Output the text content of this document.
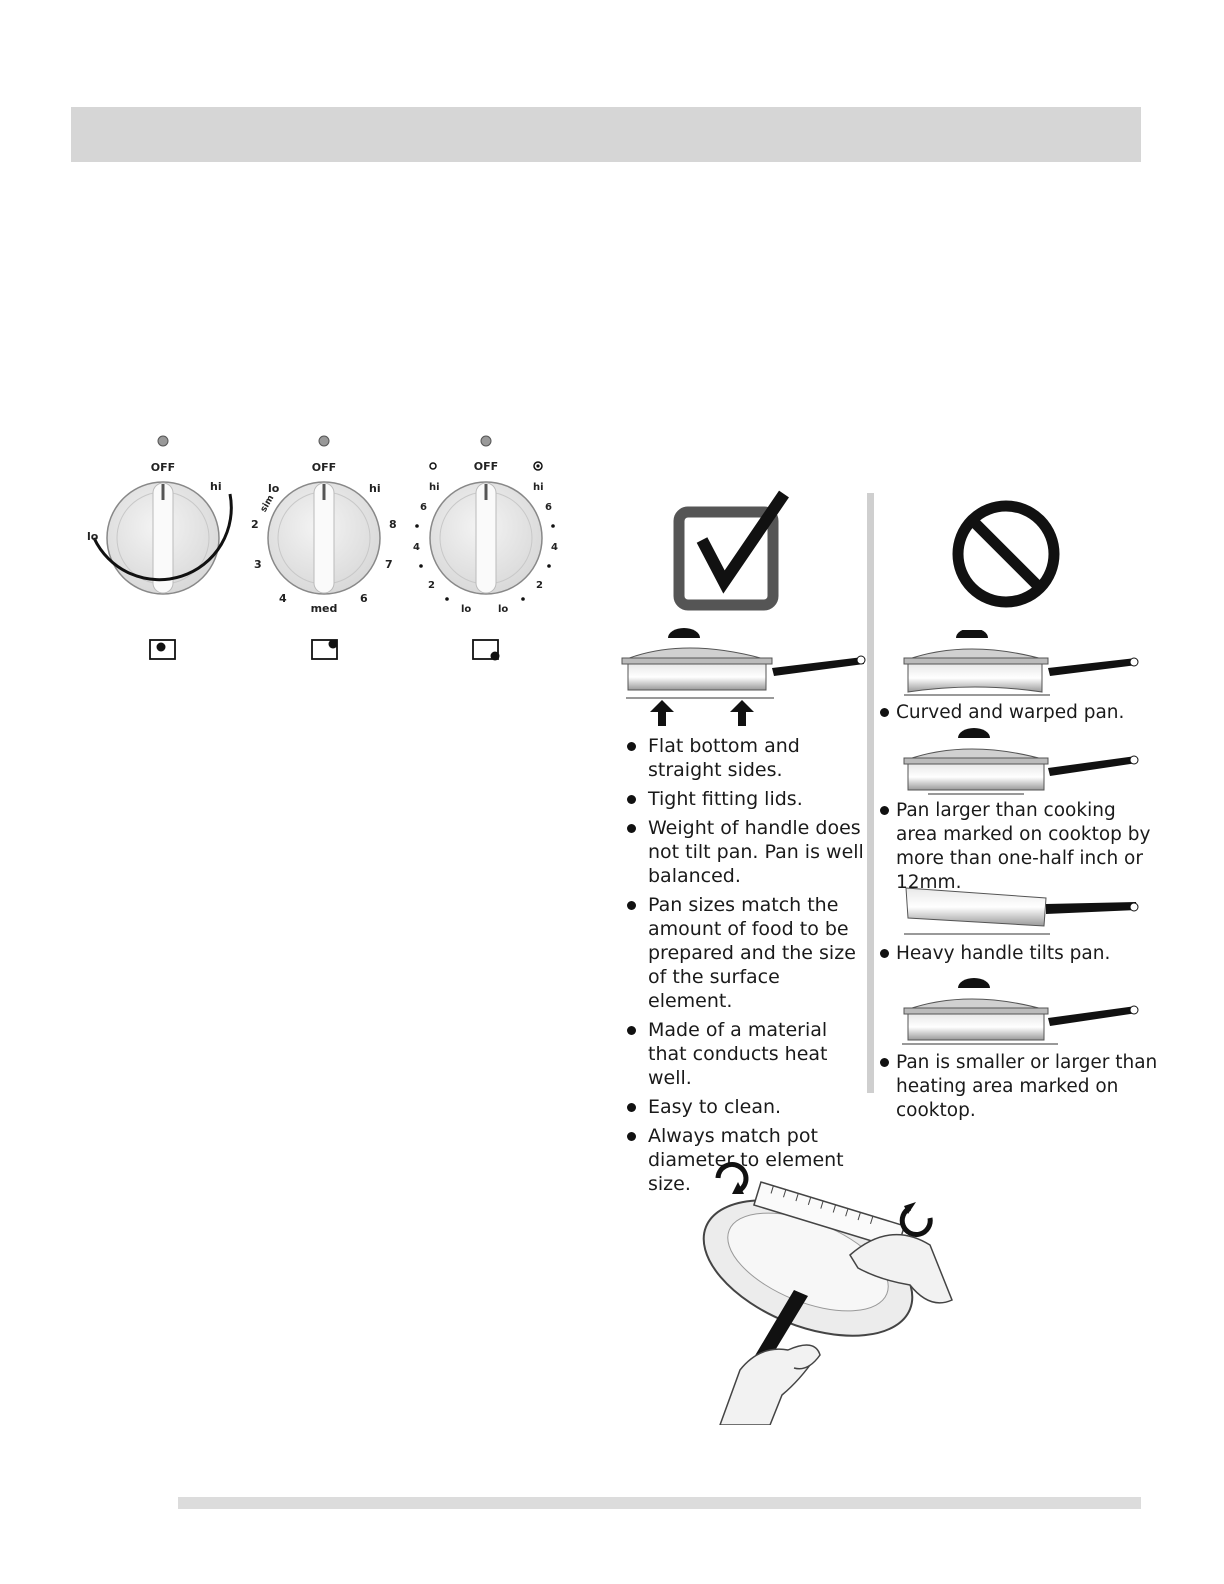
OFF
hi
lo
OFF
lo
sim
2
3
4
med
6
7
8
hi
OFF
hi
6
4
2
lo	lo
2
4
6
hi
Flat bottom and straight sides.
Tight fitting lids.
Weight of handle does not tilt pan. Pan is well balanced.
Pan sizes match the amount of food to be prepared and the size of the surface element.
Made of a material that conducts heat well.
Easy to clean.
Always match pot diameter to element size.
Curved and warped pan.
Pan larger than cooking area marked on cooktop by more than one-half inch or 12mm.
Heavy handle tilts pan.
Pan is smaller or larger than heating area marked on cooktop.
